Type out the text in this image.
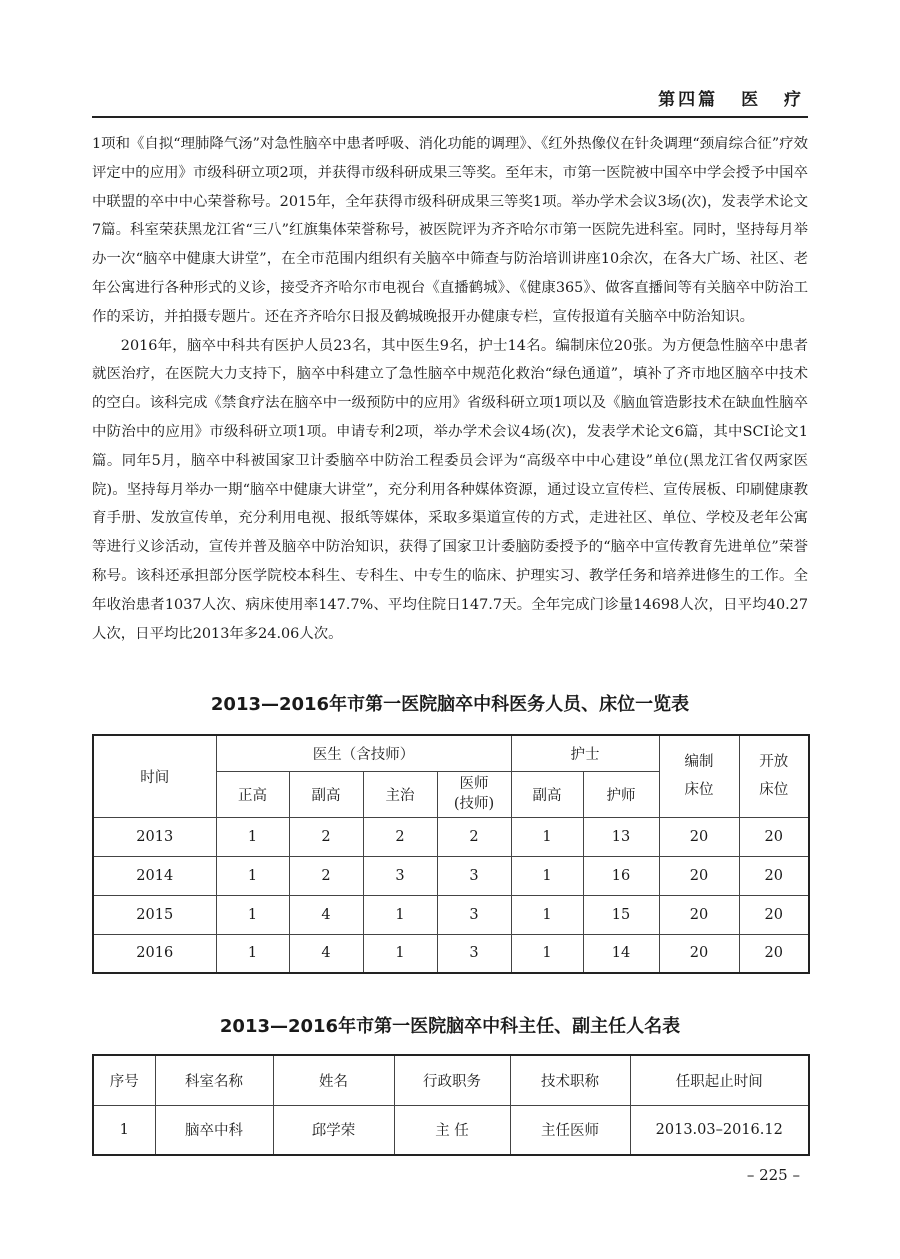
第四篇 医 疗

1项和《自拟“理肺降气汤”对急性脑卒中患者呼吸、消化功能的调理》、《红外热像仪在针灸调理“颈肩综合征”疗效评定中的应用》市级科研立项2项，并获得市级科研成果三等奖。至年末，市第一医院被中国卒中学会授予中国卒中联盟的卒中中心荣誉称号。2015年，全年获得市级科研成果三等奖1项。举办学术会议3场(次)，发表学术论文7篇。科室荣获黑龙江省“三八”红旗集体荣誉称号，被医院评为齐齐哈尔市第一医院先进科室。同时，坚持每月举办一次“脑卒中健康大讲堂”，在全市范围内组织有关脑卒中筛查与防治培训讲座10余次，在各大广场、社区、老年公寓进行各种形式的义诊，接受齐齐哈尔市电视台《直播鹤城》、《健康365》、做客直播间等有关脑卒中防治工作的采访，并拍摄专题片。还在齐齐哈尔日报及鹤城晚报开办健康专栏，宣传报道有关脑卒中防治知识。

2016年，脑卒中科共有医护人员23名，其中医生9名，护士14名。编制床位20张。为方便急性脑卒中患者就医治疗，在医院大力支持下，脑卒中科建立了急性脑卒中规范化救治“绿色通道”，填补了齐市地区脑卒中技术的空白。该科完成《禁食疗法在脑卒中一级预防中的应用》省级科研立项1项以及《脑血管造影技术在缺血性脑卒中防治中的应用》市级科研立项1项。申请专利2项，举办学术会议4场(次)，发表学术论文6篇，其中SCI论文1篇。同年5月，脑卒中科被国家卫计委脑卒中防治工程委员会评为“高级卒中中心建设”单位(黑龙江省仅两家医院)。坚持每月举办一期“脑卒中健康大讲堂”，充分利用各种媒体资源，通过设立宣传栏、宣传展板、印刷健康教育手册、发放宣传单，充分利用电视、报纸等媒体，采取多渠道宣传的方式，走进社区、单位、学校及老年公寓等进行义诊活动，宣传并普及脑卒中防治知识，获得了国家卫计委脑防委授予的“脑卒中宣传教育先进单位”荣誉称号。该科还承担部分医学院校本科生、专科生、中专生的临床、护理实习、教学任务和培养进修生的工作。全年收治患者1037人次、病床使用率147.7%、平均住院日147.7天。全年完成门诊量14698人次，日平均40.27人次，日平均比2013年多24.06人次。

2013—2016年市第一医院脑卒中科医务人员、床位一览表
时间	医生（含技师）				护士		编制床位	开放床位
	正高	副高	主治	医师(技师)	副高	护师		
2013	1	2	2	2	1	13	20	20
2014	1	2	3	3	1	16	20	20
2015	1	4	1	3	1	15	20	20
2016	1	4	1	3	1	14	20	20
2013—2016年市第一医院脑卒中科主任、副主任人名表
序号	科室名称	姓名	行政职务	技术职称	任职起止时间
1	脑卒中科	邱学荣	主 任	主任医师	2013.03–2016.12
– 225 –
